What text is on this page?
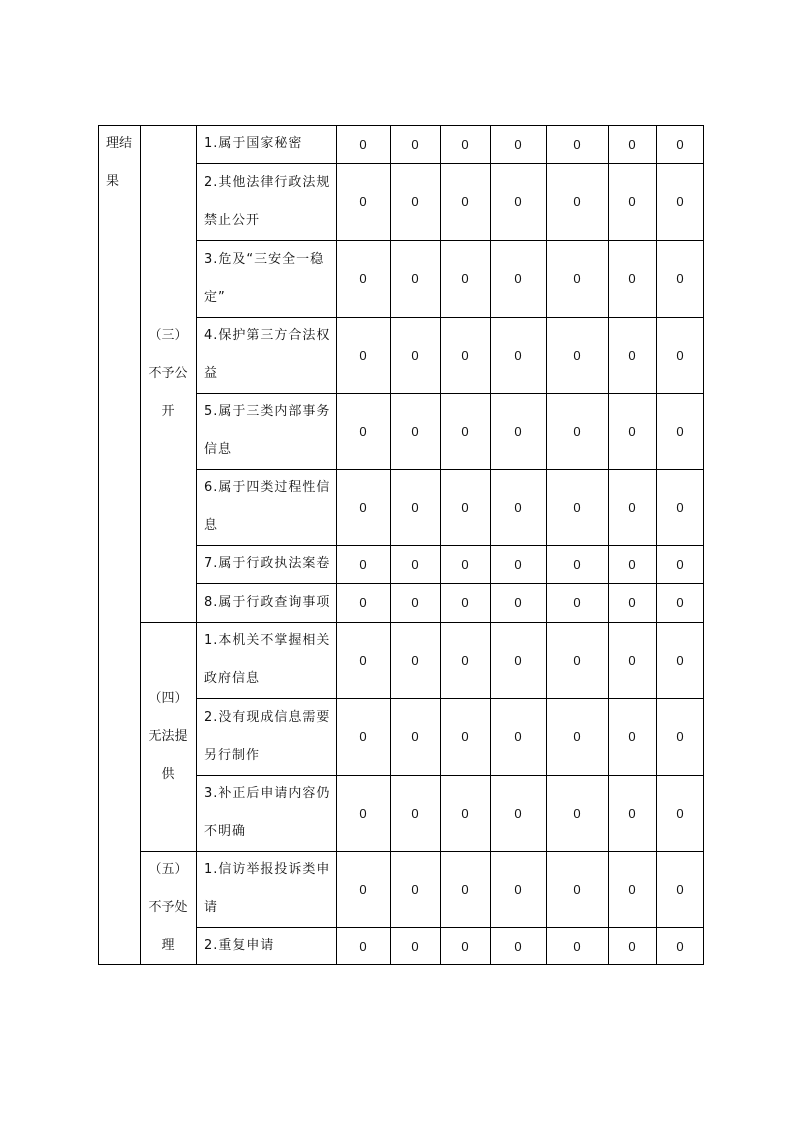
理结
果
（三）
不予公
开
1.属于国家秘密	0	0	0	0	0	0	0
2.其他法律行政法规
禁止公开
0	0	0	0	0	0	0
3.危及“三安全一稳
定”
0	0	0	0	0	0	0
4.保护第三方合法权
益
0	0	0	0	0	0	0
5.属于三类内部事务
信息
0	0	0	0	0	0	0
6.属于四类过程性信
息
0	0	0	0	0	0	0
7.属于行政执法案卷	0	0	0	0	0	0	0
8.属于行政查询事项	0	0	0	0	0	0	0
（四）
无法提
供
1.本机关不掌握相关
政府信息
0	0	0	0	0	0	0
2.没有现成信息需要
另行制作
0	0	0	0	0	0	0
3.补正后申请内容仍
不明确
0	0	0	0	0	0	0
（五）
不予处
理
1.信访举报投诉类申
请
0	0	0	0	0	0	0
2.重复申请	0	0	0	0	0	0	0
